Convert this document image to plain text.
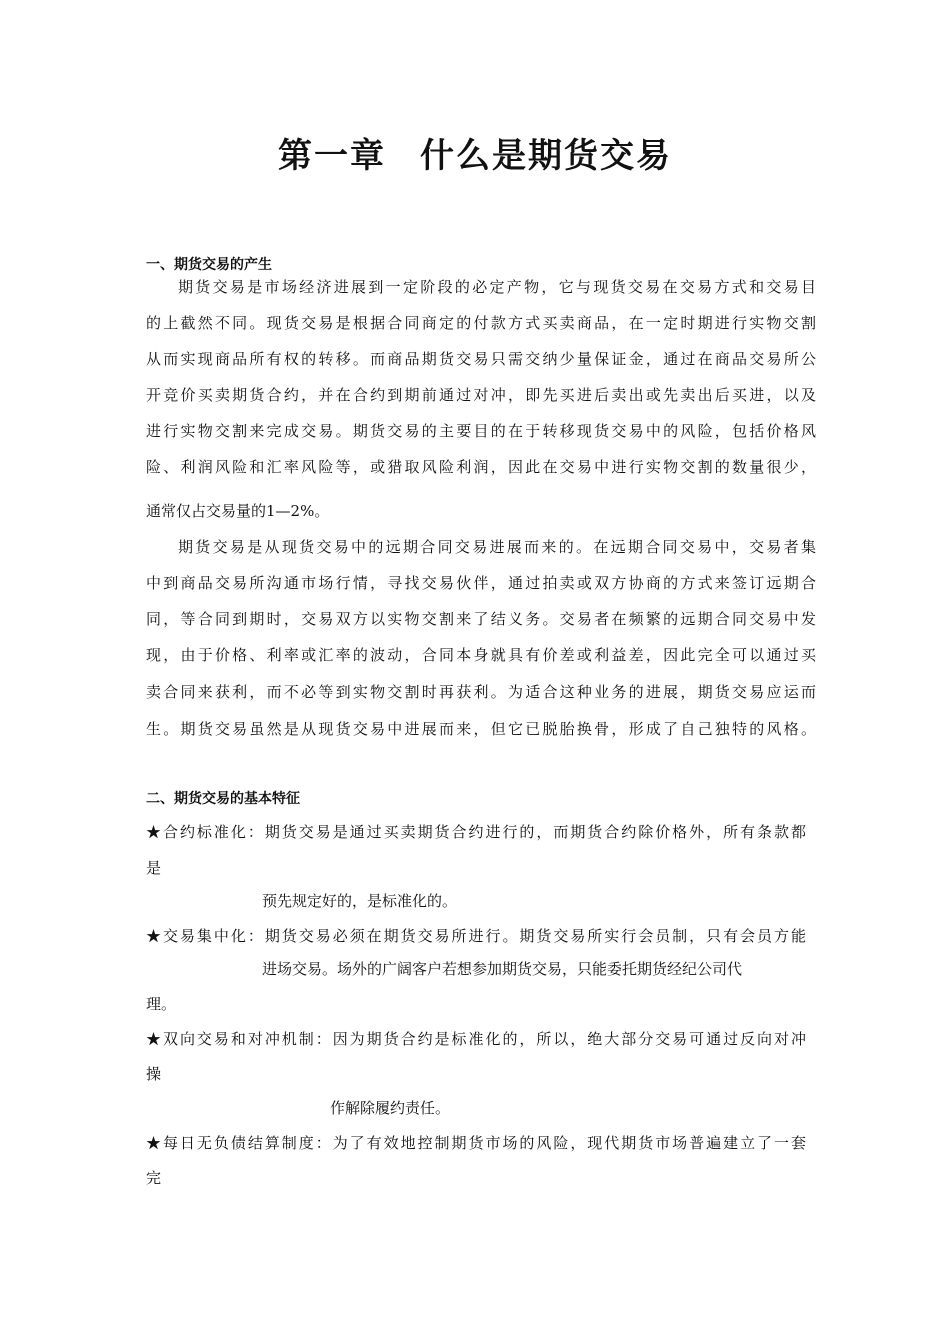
第一章 什么是期货交易
一、期货交易的产生
期货交易是市场经济进展到一定阶段的必定产物，它与现货交易在交易方式和交易目
的上截然不同。现货交易是根据合同商定的付款方式买卖商品，在一定时期进行实物交割
从而实现商品所有权的转移。而商品期货交易只需交纳少量保证金，通过在商品交易所公
开竞价买卖期货合约，并在合约到期前通过对冲，即先买进后卖出或先卖出后买进，以及
进行实物交割来完成交易。期货交易的主要目的在于转移现货交易中的风险，包括价格风
险、利润风险和汇率风险等，或猎取风险利润，因此在交易中进行实物交割的数量很少，
通常仅占交易量的1—2%。
期货交易是从现货交易中的远期合同交易进展而来的。在远期合同交易中，交易者集
中到商品交易所沟通市场行情，寻找交易伙伴，通过拍卖或双方协商的方式来签订远期合
同，等合同到期时，交易双方以实物交割来了结义务。交易者在频繁的远期合同交易中发
现，由于价格、利率或汇率的波动，合同本身就具有价差或利益差，因此完全可以通过买
卖合同来获利，而不必等到实物交割时再获利。为适合这种业务的进展，期货交易应运而
生。期货交易虽然是从现货交易中进展而来，但它已脱胎换骨，形成了自己独特的风格。
二、期货交易的基本特征
★合约标准化：期货交易是通过买卖期货合约进行的，而期货合约除价格外，所有条款都
是
预先规定好的，是标准化的。
★交易集中化：期货交易必须在期货交易所进行。期货交易所实行会员制，只有会员方能
进场交易。场外的广阔客户若想参加期货交易，只能委托期货经纪公司代
理。
★双向交易和对冲机制：因为期货合约是标准化的，所以，绝大部分交易可通过反向对冲
操
作解除履约责任。
★每日无负债结算制度：为了有效地控制期货市场的风险，现代期货市场普遍建立了一套
完
